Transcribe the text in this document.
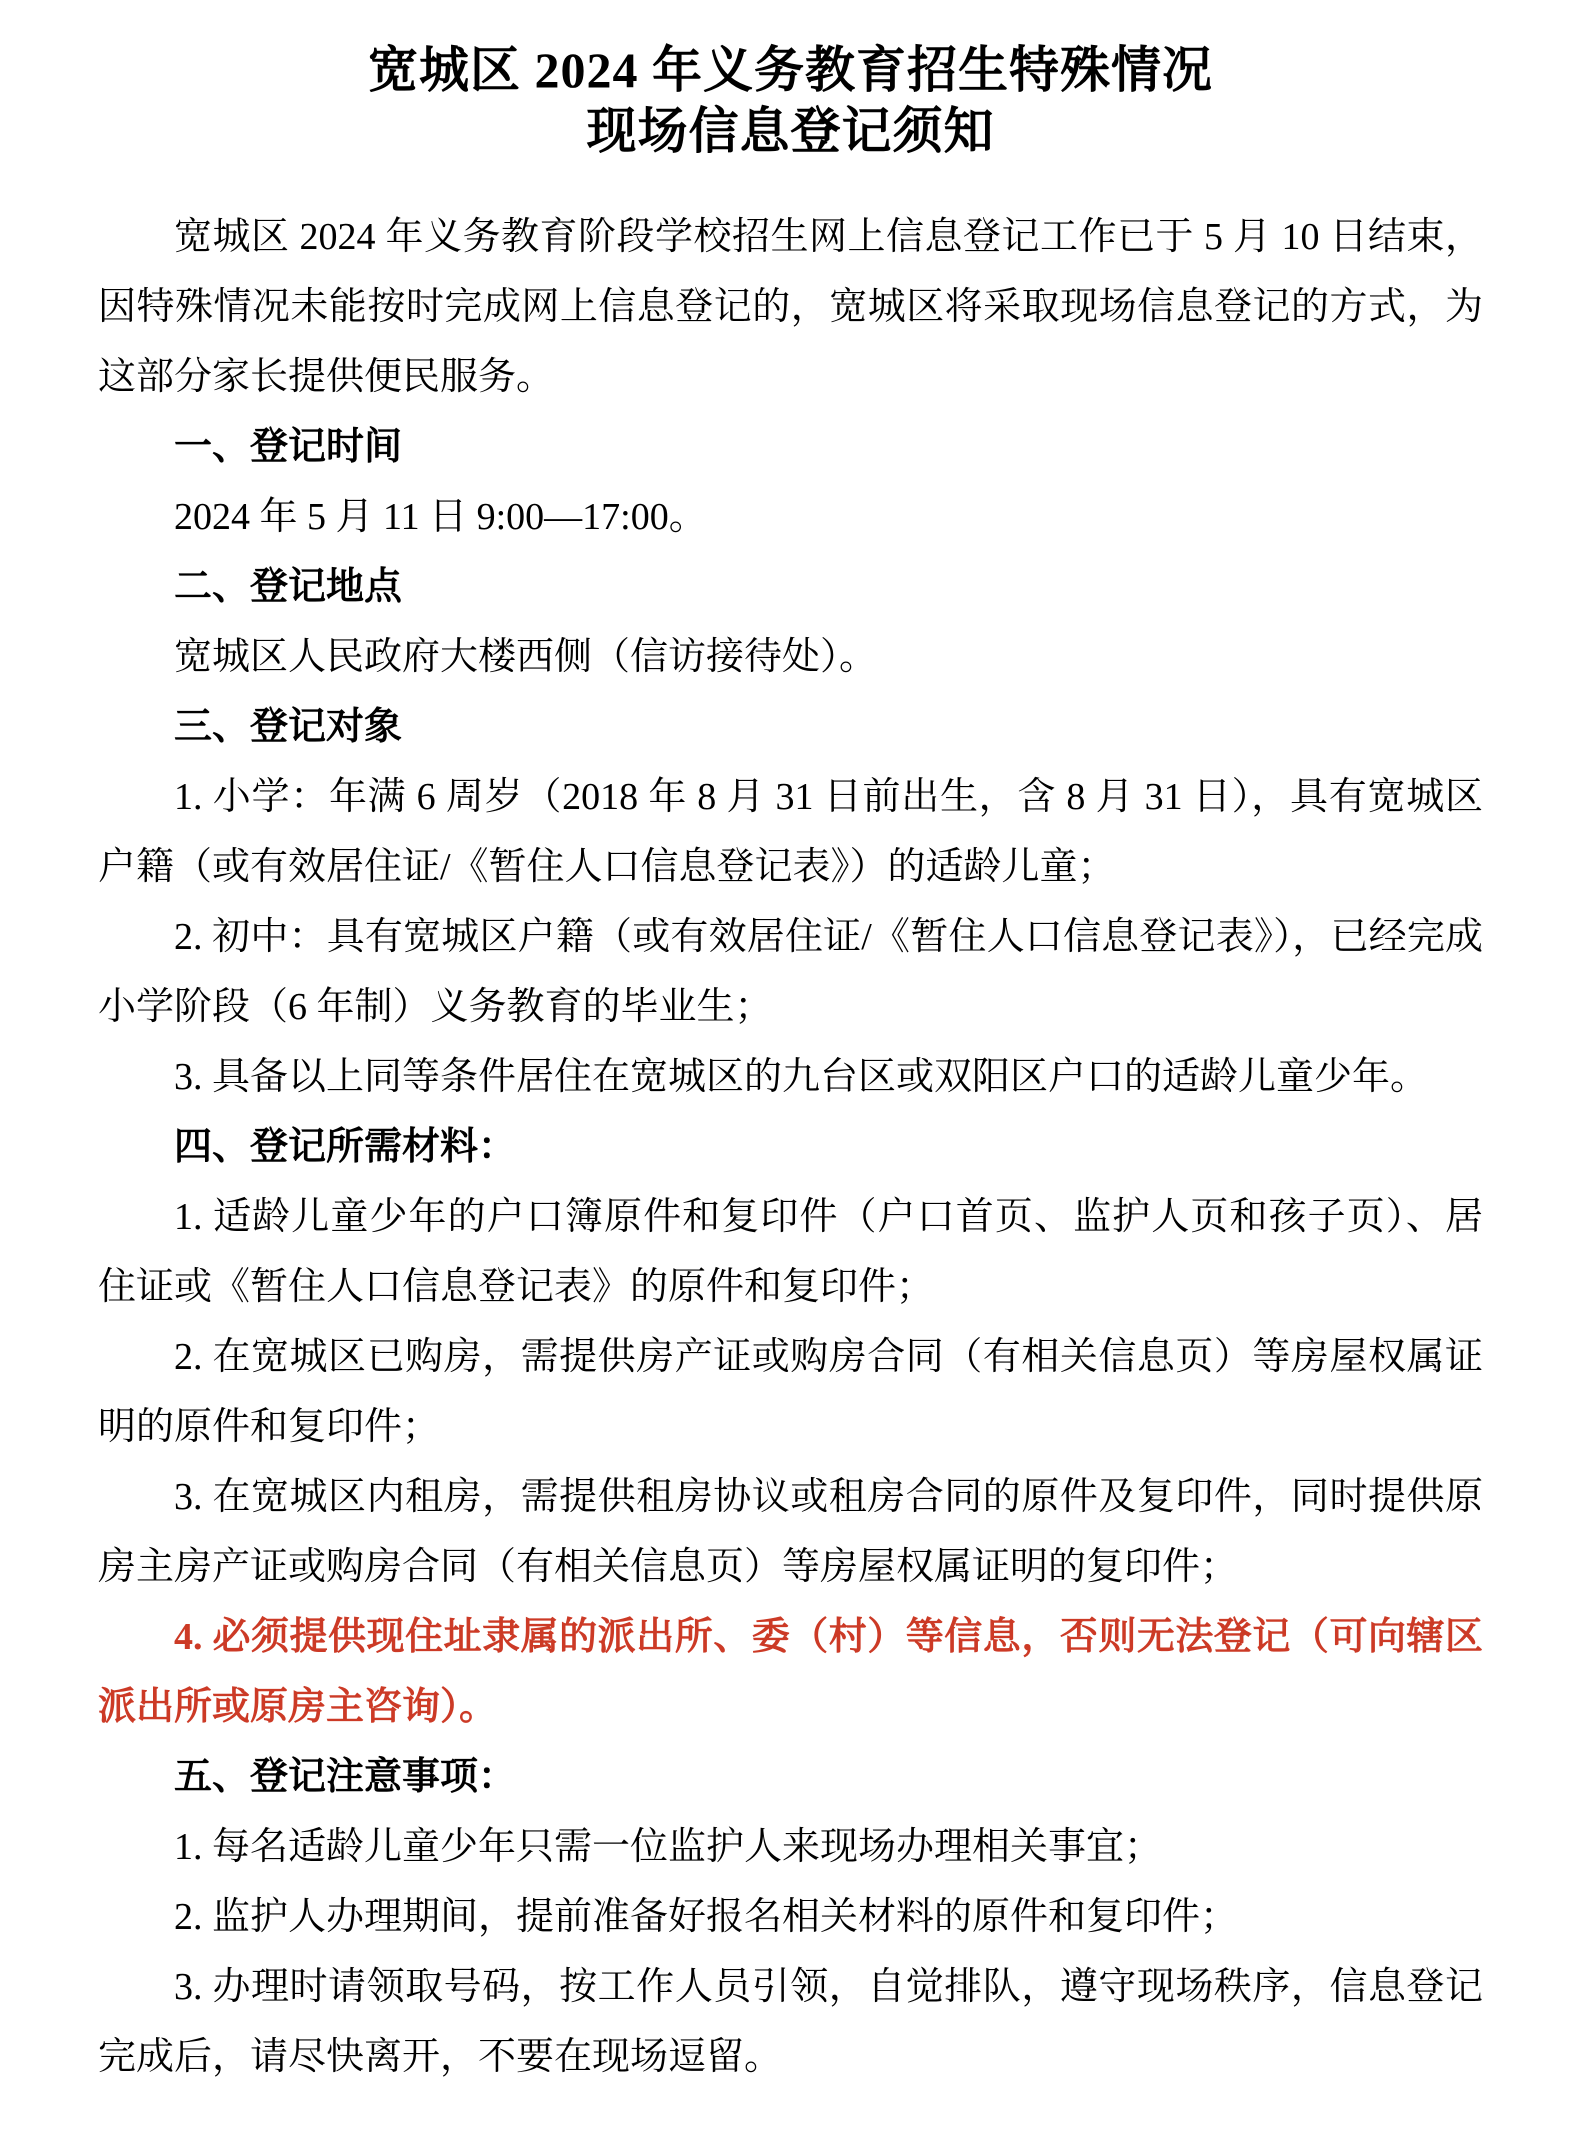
宽城区 2024 年义务教育招生特殊情况
现场信息登记须知

宽城区 2024 年义务教育阶段学校招生网上信息登记工作已于 5 月 10 日结束，因特殊情况未能按时完成网上信息登记的，宽城区将采取现场信息登记的方式，为这部分家长提供便民服务。

一、登记时间

2024 年 5 月 11 日 9:00—17:00。

二、登记地点

宽城区人民政府大楼西侧（信访接待处）。

三、登记对象

1. 小学：年满 6 周岁（2018 年 8 月 31 日前出生，含 8 月 31 日），具有宽城区户籍（或有效居住证/《暂住人口信息登记表》）的适龄儿童；

2. 初中：具有宽城区户籍（或有效居住证/《暂住人口信息登记表》），已经完成小学阶段（6 年制）义务教育的毕业生；

3. 具备以上同等条件居住在宽城区的九台区或双阳区户口的适龄儿童少年。

四、登记所需材料：

1. 适龄儿童少年的户口簿原件和复印件（户口首页、监护人页和孩子页）、居住证或《暂住人口信息登记表》的原件和复印件；

2. 在宽城区已购房，需提供房产证或购房合同（有相关信息页）等房屋权属证明的原件和复印件；

3. 在宽城区内租房，需提供租房协议或租房合同的原件及复印件，同时提供原房主房产证或购房合同（有相关信息页）等房屋权属证明的复印件；

4. 必须提供现住址隶属的派出所、委（村）等信息，否则无法登记（可向辖区派出所或原房主咨询）。

五、登记注意事项：

1. 每名适龄儿童少年只需一位监护人来现场办理相关事宜；

2. 监护人办理期间，提前准备好报名相关材料的原件和复印件；

3. 办理时请领取号码，按工作人员引领，自觉排队，遵守现场秩序，信息登记完成后，请尽快离开，不要在现场逗留。
